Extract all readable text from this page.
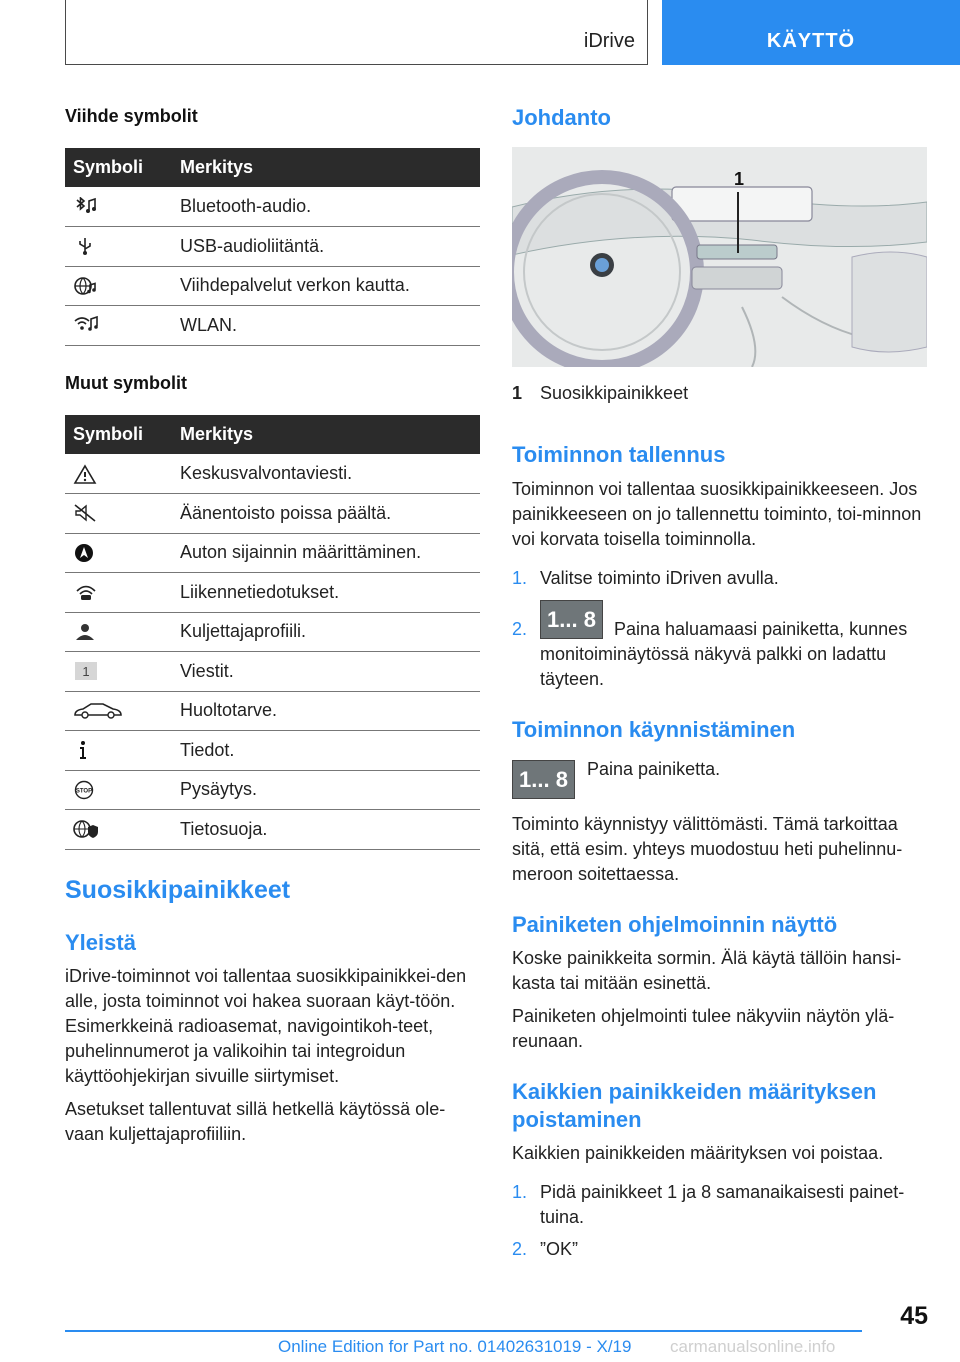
iDrive	KÄYTTÖ
Viihde symbolit
Symboli	Merkitys

	Bluetooth-audio.

	USB-audioliitäntä.

	Viihdepalvelut verkon kautta.

	WLAN.
Muut symbolit
Symboli	Merkitys

	Keskusvalvontaviesti.

	Äänentoisto poissa päältä.

	Auton sijainnin määrittäminen.

	Liikennetiedotukset.

	Kuljettajaprofiili.

1	Viestit.

	Huoltotarve.

	Tiedot.

STOP	Pysäytys.

	Tietosuoja.
Suosikkipainikkeet
Yleistä
iDrive-toiminnot voi tallentaa suosikkipainikkei-den alle, josta toiminnot voi hakea suoraan käyt-töön. Esimerkkeinä radioasemat, navigointikoh-teet, puhelinnumerot ja valikoihin tai integroidun käyttöohjekirjan sivuille siirtymiset.
Asetukset tallentuvat sillä hetkellä käytössä ole-vaan kuljettajaprofiiliin.
Johdanto
1
1 Suosikkipainikkeet
Toiminnon tallennus
Toiminnon voi tallentaa suosikkipainikkeeseen. Jos painikkeeseen on jo tallennettu toiminto, toi-minnon voi korvata toisella toiminnolla.
1. Valitse toiminto iDriven avulla.
2. 1... 8	Paina haluamaasi painiketta, kunnes monitoiminäytössä näkyvä palkki on ladattu täyteen.
Toiminnon käynnistäminen
1... 8	Paina painiketta.
Toiminto käynnistyy välittömästi. Tämä tarkoittaa sitä, että esim. yhteys muodostuu heti puhelinnu-meroon soitettaessa.
Painiketen ohjelmoinnin näyttö
Koske painikkeita sormin. Älä käytä tällöin hansi-kasta tai mitään esinettä.
Painiketen ohjelmointi tulee näkyviin näytön ylä-reunaan.
Kaikkien painikkeiden määrityksen poistaminen
Kaikkien painikkeiden määrityksen voi poistaa.
1. Pidä painikkeet 1 ja 8 samanaikaisesti painet-tuina.
2. ”OK”
45
Online Edition for Part no. 01402631019 - X/19 carmanualsonline.info
